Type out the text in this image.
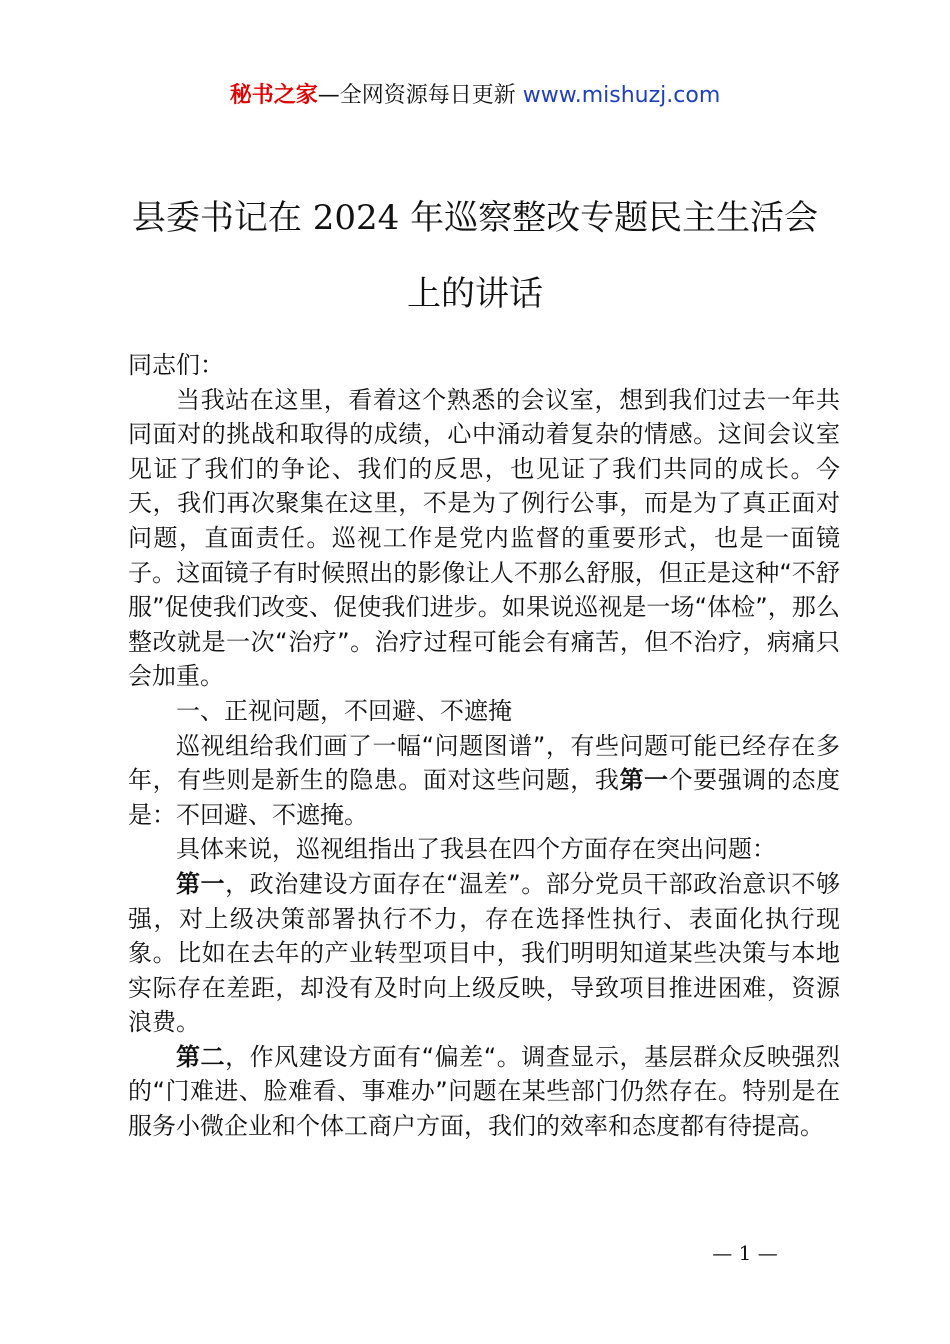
秘书之家—全网资源每日更新 www.mishuzj.com
县委书记在 2024 年巡察整改专题民主生活会
上的讲话

同志们：

当我站在这里，看着这个熟悉的会议室，想到我们过去一年共同面对的挑战和取得的成绩，心中涌动着复杂的情感。这间会议室见证了我们的争论、我们的反思，也见证了我们共同的成长。今天，我们再次聚集在这里，不是为了例行公事，而是为了真正面对问题，直面责任。巡视工作是党内监督的重要形式，也是一面镜子。这面镜子有时候照出的影像让人不那么舒服，但正是这种“不舒服”促使我们改变、促使我们进步。如果说巡视是一场“体检”，那么整改就是一次“治疗”。治疗过程可能会有痛苦，但不治疗，病痛只会加重。

一、正视问题，不回避、不遮掩

巡视组给我们画了一幅“问题图谱”，有些问题可能已经存在多年，有些则是新生的隐患。面对这些问题，我第一个要强调的态度是：不回避、不遮掩。

具体来说，巡视组指出了我县在四个方面存在突出问题：

第一，政治建设方面存在“温差”。部分党员干部政治意识不够强，对上级决策部署执行不力，存在选择性执行、表面化执行现象。比如在去年的产业转型项目中，我们明明知道某些决策与本地实际存在差距，却没有及时向上级反映，导致项目推进困难，资源浪费。

第二，作风建设方面有“偏差“。调查显示，基层群众反映强烈的“门难进、脸难看、事难办”问题在某些部门仍然存在。特别是在服务小微企业和个体工商户方面，我们的效率和态度都有待提高。

— 1 —
